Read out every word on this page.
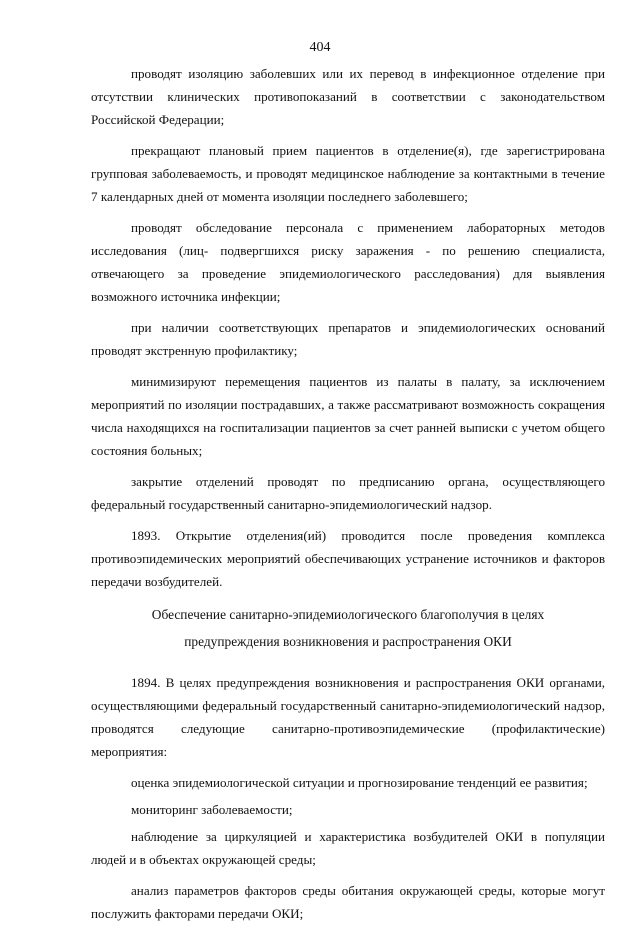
404

проводят изоляцию заболевших или их перевод в инфекционное отделение при отсутствии клинических противопоказаний в соответствии с законодательством Российской Федерации;

прекращают плановый прием пациентов в отделение(я), где зарегистрирована групповая заболеваемость, и проводят медицинское наблюдение за контактными в течение 7 календарных дней от момента изоляции последнего заболевшего;

проводят обследование персонала с применением лабораторных методов исследования (лиц- подвергшихся риску заражения - по решению специалиста, отвечающего за проведение эпидемиологического расследования) для выявления возможного источника инфекции;

при наличии соответствующих препаратов и эпидемиологических оснований проводят экстренную профилактику;

минимизируют перемещения пациентов из палаты в палату, за исключением мероприятий по изоляции пострадавших, а также рассматривают возможность сокращения числа находящихся на госпитализации пациентов за счет ранней выписки с учетом общего состояния больных;

закрытие отделений проводят по предписанию органа, осуществляющего федеральный государственный санитарно-эпидемиологический надзор.

1893. Открытие отделения(ий) проводится после проведения комплекса противоэпидемических мероприятий обеспечивающих устранение источников и факторов передачи возбудителей.

Обеспечение санитарно-эпидемиологического благополучия в целях
предупреждения возникновения и распространения ОКИ

1894. В целях предупреждения возникновения и распространения ОКИ органами, осуществляющими федеральный государственный санитарно-эпидемиологический надзор, проводятся следующие санитарно-противоэпидемические (профилактические) мероприятия:

оценка эпидемиологической ситуации и прогнозирование тенденций ее развития;

мониторинг заболеваемости;

наблюдение за циркуляцией и характеристика возбудителей ОКИ в популяции людей и в объектах окружающей среды;

анализ параметров факторов среды обитания окружающей среды, которые могут послужить факторами передачи ОКИ;
